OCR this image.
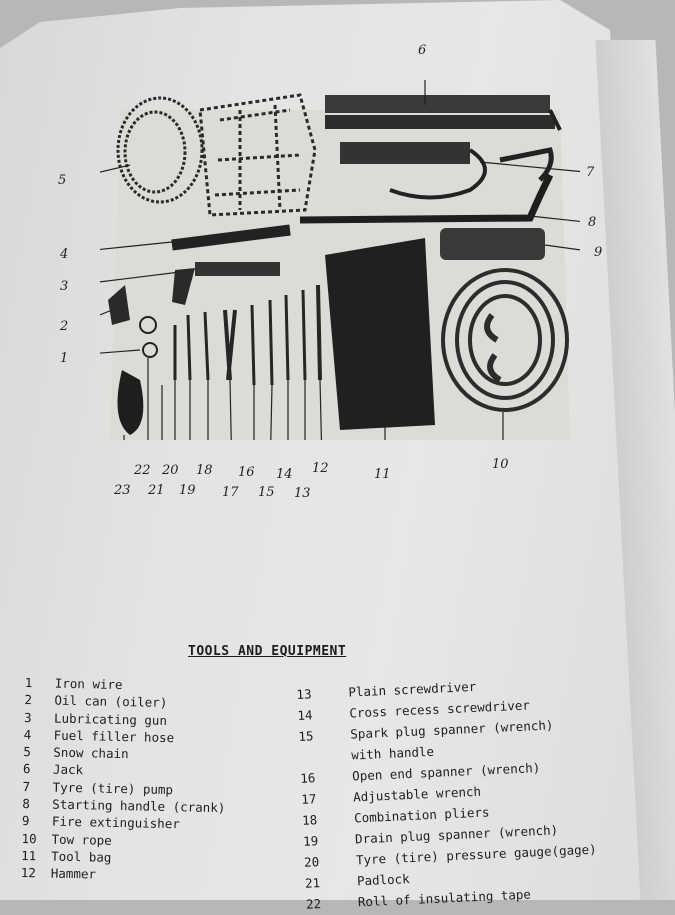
1
2
3
4
5
6
7
8
9
10
11
12
13
14
15
16
17
18
19
20
21
22
23
TOOLS AND EQUIPMENT
1	Iron wire
2	Oil can (oiler)
3	Lubricating gun
4	Fuel filler hose
5	Snow chain
6	Jack
7	Tyre (tire) pump
8	Starting handle (crank)
9	Fire extinguisher
10	Tow rope
11	Tool bag
12	Hammer
13	Plain screwdriver
14	Cross recess screwdriver
15	Spark plug spanner (wrench)
with handle
16	Open end spanner (wrench)
17	Adjustable wrench
18	Combination pliers
19	Drain plug spanner (wrench)
20	Tyre (tire) pressure gauge(gage)
21	Padlock
22	Roll of insulating tape
